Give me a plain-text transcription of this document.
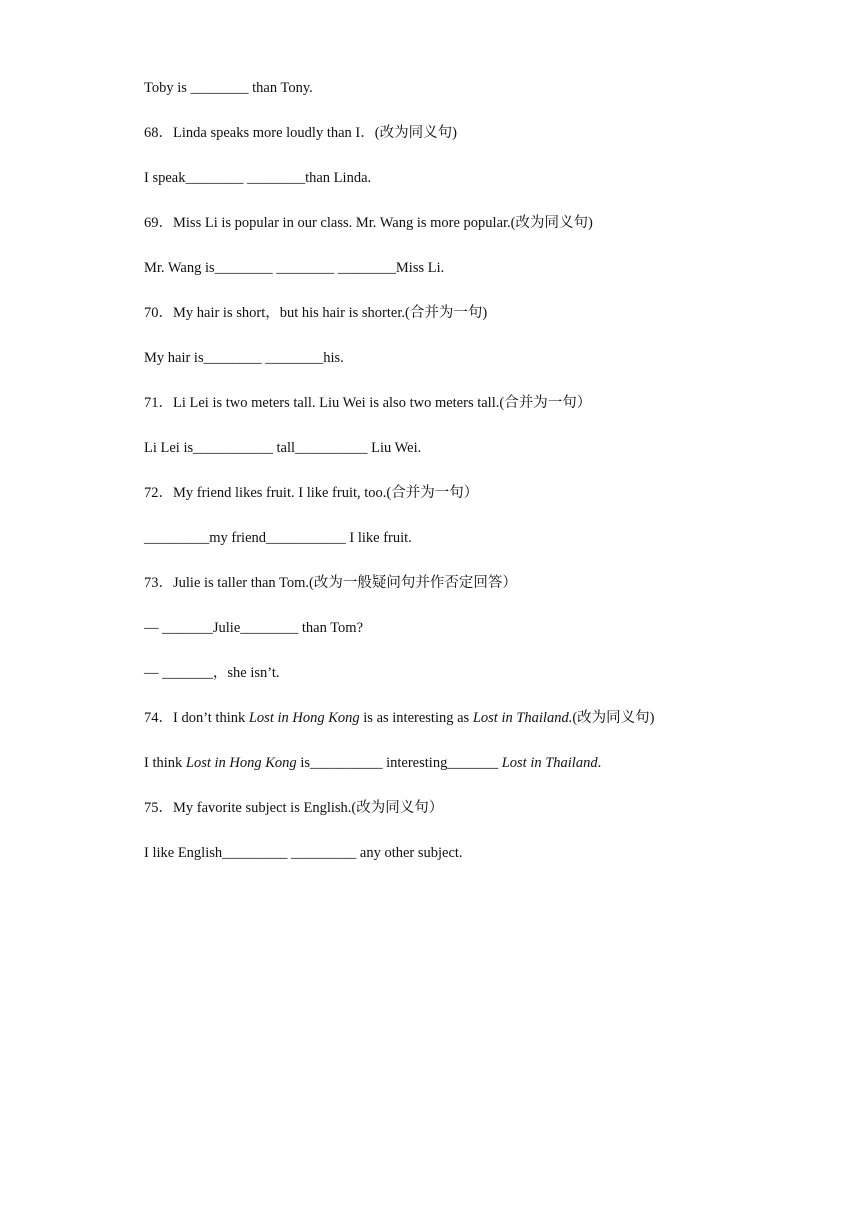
Toby is ________ than Tony.
68．Linda speaks more loudly than I．(改为同义句)
I speak________ ________than Linda.
69．Miss Li is popular in our class. Mr. Wang is more popular.(改为同义句)
Mr. Wang is________ ________ ________Miss Li.
70．My hair is short，but his hair is shorter.(合并为一句)
My hair is________ ________his.
71．Li Lei is two meters tall. Liu Wei is also two meters tall.(合并为一句）
Li Lei is___________ tall__________ Liu Wei.
72．My friend likes fruit. I like fruit, too.(合并为一句）
_________my friend___________ I like fruit.
73．Julie is taller than Tom.(改为一般疑问句并作否定回答）
— _______Julie________ than Tom?
— _______，she isn’t.
74．I don’t think Lost in Hong Kong is as interesting as Lost in Thailand.(改为同义句)
I think Lost in Hong Kong is__________ interesting_______ Lost in Thailand.
75．My favorite subject is English.(改为同义句）
I like English_________ _________ any other subject.
